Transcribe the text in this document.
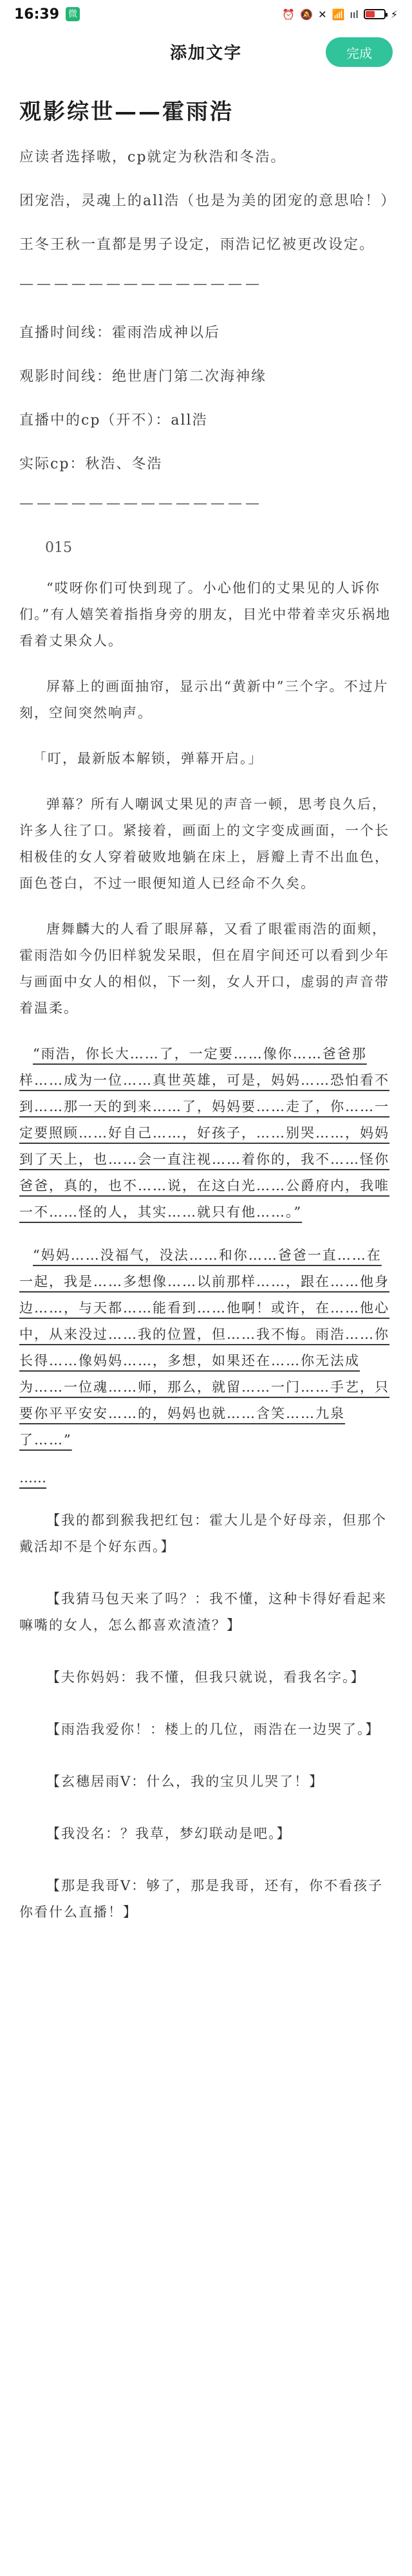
16:39 微	⏰ 🔕 ✕ 📶 ııl	⚡
添加文字	完成
观影综世——霍雨浩
应读者选择嗷，cp就定为秋浩和冬浩。
团宠浩，灵魂上的all浩（也是为美的团宠的意思哈！）
王冬王秋一直都是男子设定，雨浩记忆被更改设定。
——————————————
直播时间线：霍雨浩成神以后
观影时间线：绝世唐门第二次海神缘
直播中的cp（开不）：all浩
实际cp：秋浩、冬浩
——————————————
015
“哎呀你们可快到现了。小心他们的丈果见的人诉你们。”有人嬉笑着指指身旁的朋友，目光中带着幸灾乐祸地看着丈果众人。
屏幕上的画面抽帘，显示出“黄新中”三个字。不过片刻，空间突然响声。
「叮，最新版本解锁，弹幕开启。」
弹幕？所有人嘲讽丈果见的声音一顿，思考良久后，许多人往了口。紧接着，画面上的文字变成画面，一个长相极佳的女人穿着破败地躺在床上，唇瓣上青不出血色，面色苍白，不过一眼便知道人已经命不久矣。
唐舞麟大的人看了眼屏幕，又看了眼霍雨浩的面颊，霍雨浩如今仍旧样貌发呆眼，但在眉宇间还可以看到少年与画面中女人的相似，下一刻，女人开口，虚弱的声音带着温柔。
“雨浩，你长大……了，一定要……像你……爸爸那样……成为一位……真世英雄，可是，妈妈……恐怕看不到……那一天的到来……了，妈妈要……走了，你……一定要照顾……好自己……，好孩子，……别哭……，妈妈到了天上，也……会一直注视……着你的，我不……怪你爸爸，真的，也不……说，在这白光……公爵府内，我唯一不……怪的人，其实……就只有他……。”
“妈妈……没福气，没法……和你……爸爸一直……在一起，我是……多想像……以前那样……，跟在……他身边……，与天都……能看到……他啊！或许，在……他心中，从来没过……我的位置，但……我不悔。雨浩……你长得……像妈妈……，多想，如果还在……你无法成为……一位魂……师，那么，就留……一门……手艺，只要你平平安安……的，妈妈也就……含笑……九泉了……”
……
【我的都到猴我把红包：霍大儿是个好母亲，但那个戴活却不是个好东西。】
【我猜马包天来了吗？：我不懂，这种卡得好看起来嘛嘴的女人，怎么都喜欢渣渣？】
【夫你妈妈：我不懂，但我只就说，看我名字。】
【雨浩我爱你！：楼上的几位，雨浩在一边哭了。】
【玄穗居雨V：什么，我的宝贝儿哭了！】
【我没名：？我草，梦幻联动是吧。】
【那是我哥V：够了，那是我哥，还有，你不看孩子你看什么直播！】
